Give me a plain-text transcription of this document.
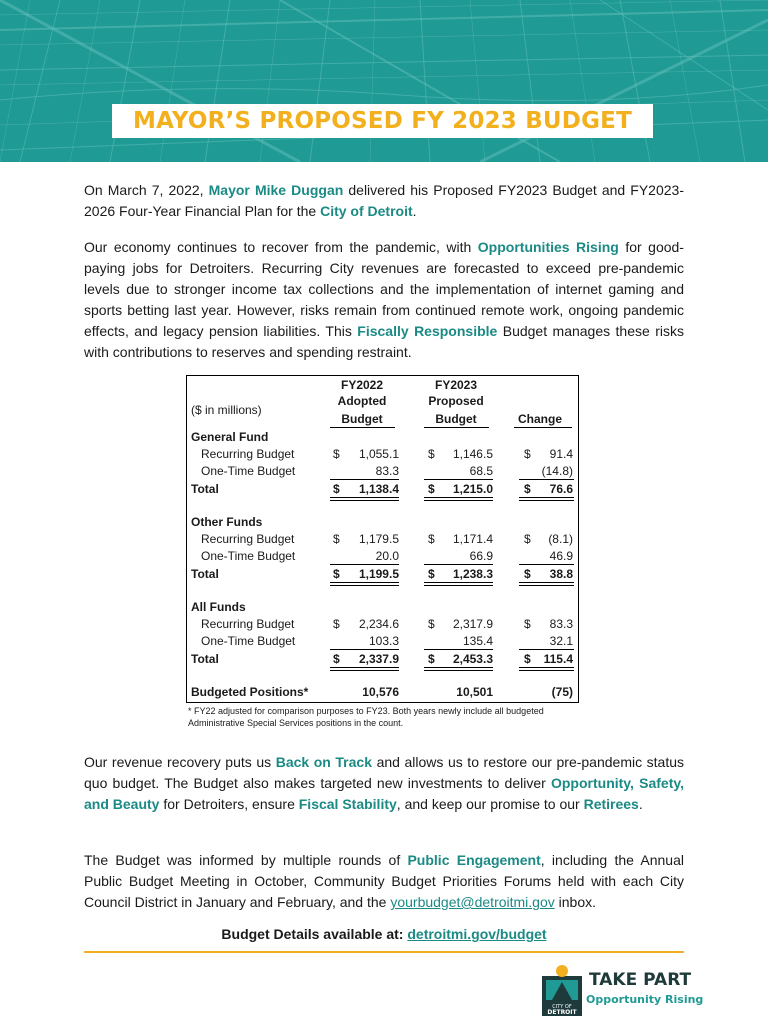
MAYOR’S PROPOSED FY 2023 BUDGET
On March 7, 2022, Mayor Mike Duggan delivered his Proposed FY2023 Budget and FY2023-2026 Four-Year Financial Plan for the City of Detroit.
Our economy continues to recover from the pandemic, with Opportunities Rising for good-paying jobs for Detroiters. Recurring City revenues are forecasted to exceed pre-pandemic levels due to stronger income tax collections and the implementation of internet gaming and sports betting last year. However, risks remain from continued remote work, ongoing pandemic effects, and legacy pension liabilities. This Fiscally Responsible Budget manages these risks with contributions to reserves and spending restraint.
($ in millions)
FY2022
Adopted
Budget
FY2023
Proposed
Budget	Change
General Fund
Recurring Budget	$	1,055.1 $	1,146.5	$	91.4
One-Time Budget	83.3	68.5	(14.8)
Total	$	1,138.4 $	1,215.0	$	76.6
Other Funds
Recurring Budget	$	1,179.5 $	1,171.4	$	(8.1)
One-Time Budget	20.0	66.9	46.9
Total	$	1,199.5 $	1,238.3	$	38.8
All Funds
Recurring Budget	$	2,234.6 $	2,317.9	$	83.3
One-Time Budget	103.3	135.4	32.1
Total	$	2,337.9 $	2,453.3	$	115.4
Budgeted Positions*	10,576	10,501	(75)
* FY22 adjusted for comparison purposes to FY23. Both years newly include all budgeted Administrative Special Services positions in the count.
Our revenue recovery puts us Back on Track and allows us to restore our pre-pandemic status quo budget. The Budget also makes targeted new investments to deliver Opportunity, Safety, and Beauty for Detroiters, ensure Fiscal Stability, and keep our promise to our Retirees.
The Budget was informed by multiple rounds of Public Engagement, including the Annual Public Budget Meeting in October, Community Budget Priorities Forums held with each City Council District in January and February, and the yourbudget@detroitmi.gov inbox.
Budget Details available at: detroitmi.gov/budget
CITY OF
DETROIT
TAKE PART
Opportunity Rising
